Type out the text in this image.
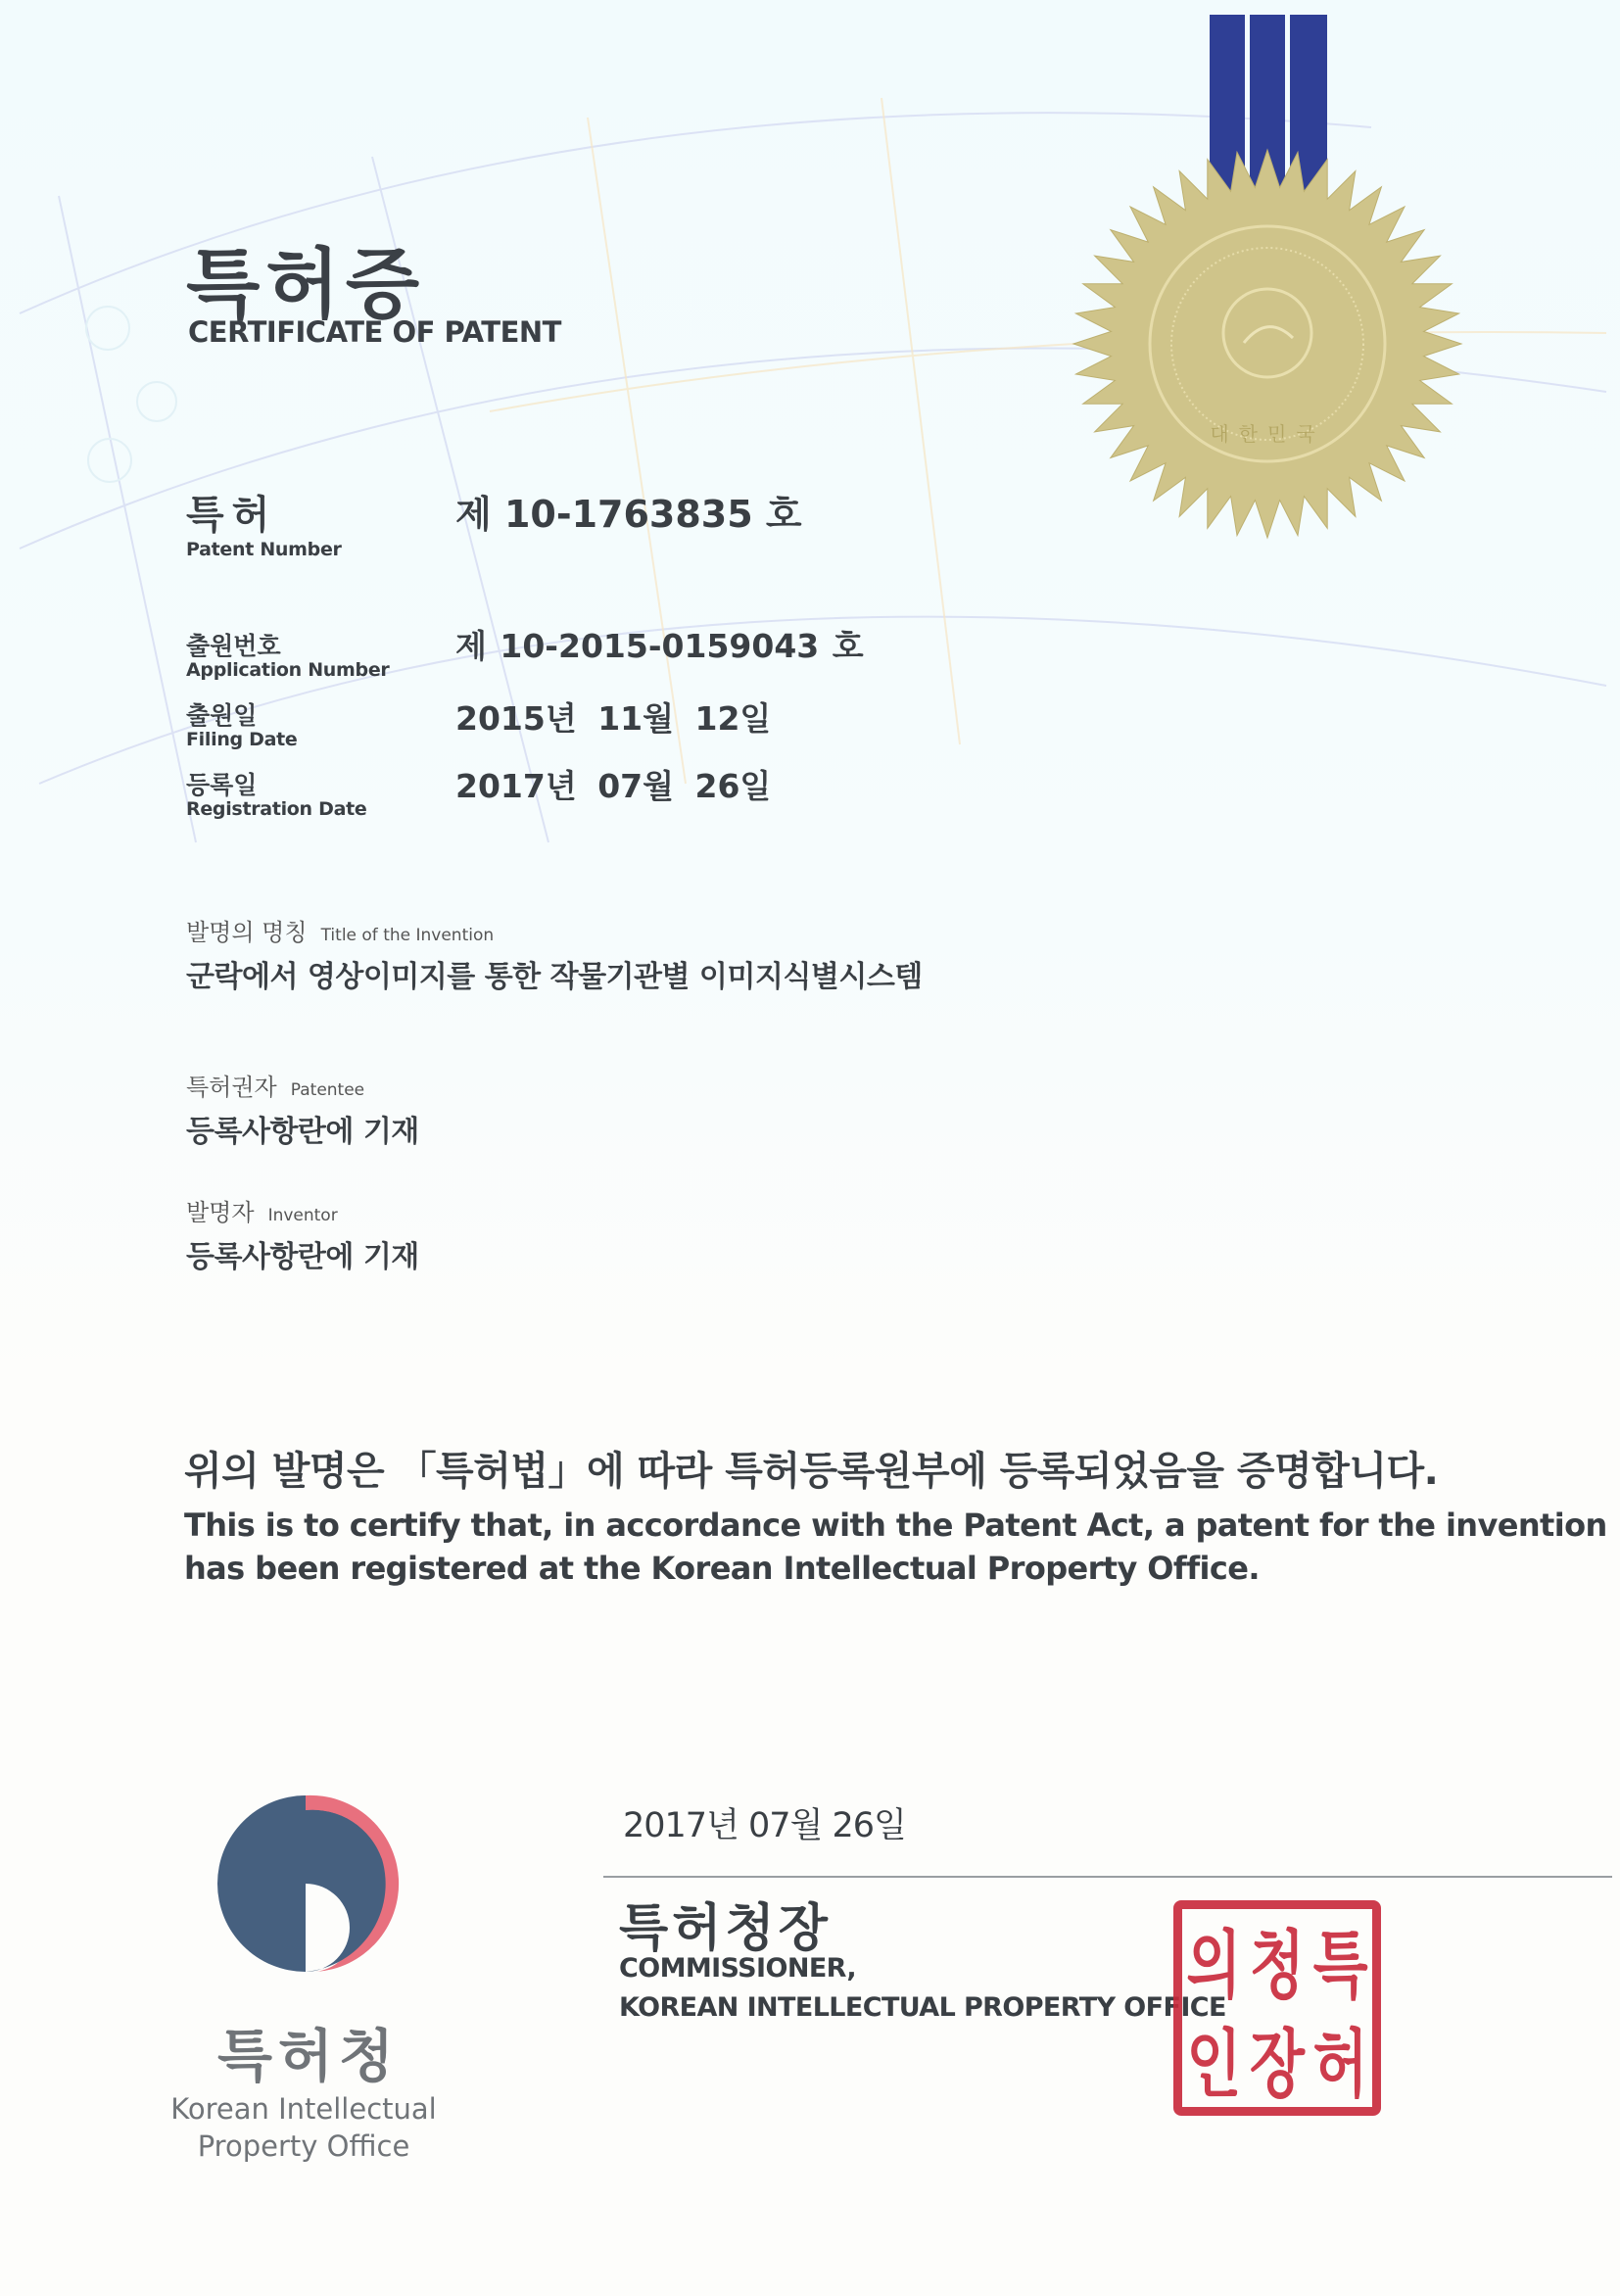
대한민국
특허증
CERTIFICATE OF PATENT
특허
Patent Number
제 10-1763835 호
출원번호
Application Number
제 10-2015-0159043 호
출원일
Filing Date
2015년 11월 12일
등록일
Registration Date
2017년 07월 26일
발명의 명칭 Title of the Invention
군락에서 영상이미지를 통한 작물기관별 이미지식별시스템
특허권자 Patentee
등록사항란에 기재
발명자 Inventor
등록사항란에 기재
위의 발명은 「특허법」에 따라 특허등록원부에 등록되었음을 증명합니다.
This is to certify that, in accordance with the Patent Act, a patent for the invention
has been registered at the Korean Intellectual Property Office.
특허청
Korean Intellectual
Property Office
2017년 07월 26일
특허청장
COMMISSIONER,
KOREAN INTELLECTUAL PROPERTY OFFICE
의 청 특
인 장 허
